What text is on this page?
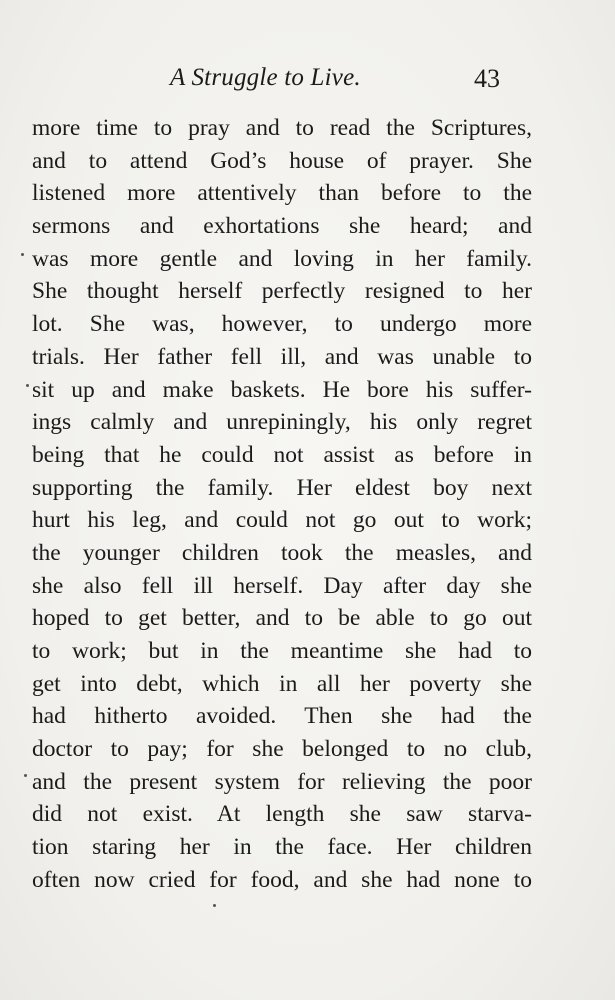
A Struggle to Live.	43
more time to pray and to read the Scriptures,
and to attend God’s house of prayer. She
listened more attentively than before to the
sermons and exhortations she heard; and
was more gentle and loving in her family.
She thought herself perfectly resigned to her
lot. She was, however, to undergo more
trials. Her father fell ill, and was unable to
sit up and make baskets. He bore his suffer-
ings calmly and unrepiningly, his only regret
being that he could not assist as before in
supporting the family. Her eldest boy next
hurt his leg, and could not go out to work;
the younger children took the measles, and
she also fell ill herself. Day after day she
hoped to get better, and to be able to go out
to work; but in the meantime she had to
get into debt, which in all her poverty she
had hitherto avoided. Then she had the
doctor to pay; for she belonged to no club,
and the present system for relieving the poor
did not exist. At length she saw starva-
tion staring her in the face. Her children
often now cried for food, and she had none to
